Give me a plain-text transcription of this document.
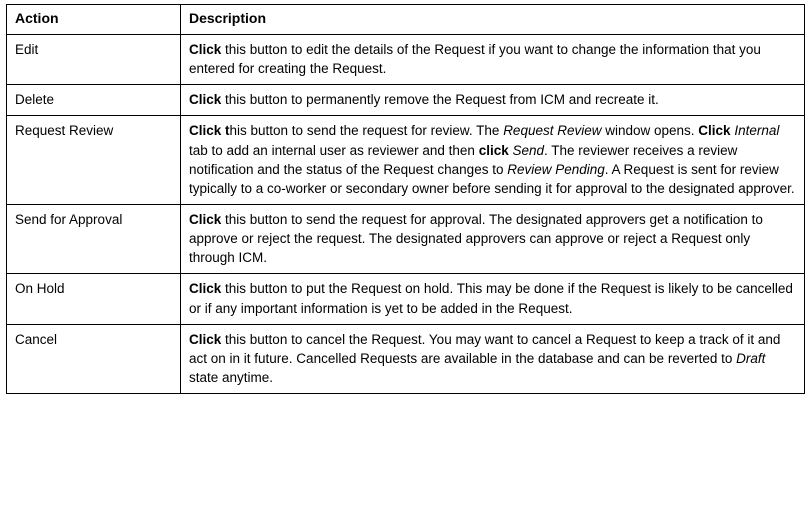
Action	Description
Edit	Click this button to edit the details of the Request if you want to change the information that you entered for creating the Request.

Delete	Click this button to permanently remove the Request from ICM and recreate it.

Request Review	Click this button to send the request for review. The Request Review window opens. Click Internal tab to add an internal user as reviewer and then click Send. The reviewer receives a review notification and the status of the Request changes to Review Pending. A Request is sent for review typically to a co-worker or secondary owner before sending it for approval to the designated approver.

Send for Approval	Click this button to send the request for approval. The designated approvers get a notification to approve or reject the request. The designated approvers can approve or reject a Request only through ICM.

On Hold	Click this button to put the Request on hold. This may be done if the Request is likely to be cancelled or if any important information is yet to be added in the Request.

Cancel	Click this button to cancel the Request. You may want to cancel a Request to keep a track of it and act on in it future. Cancelled Requests are available in the database and can be reverted to Draft state anytime.
